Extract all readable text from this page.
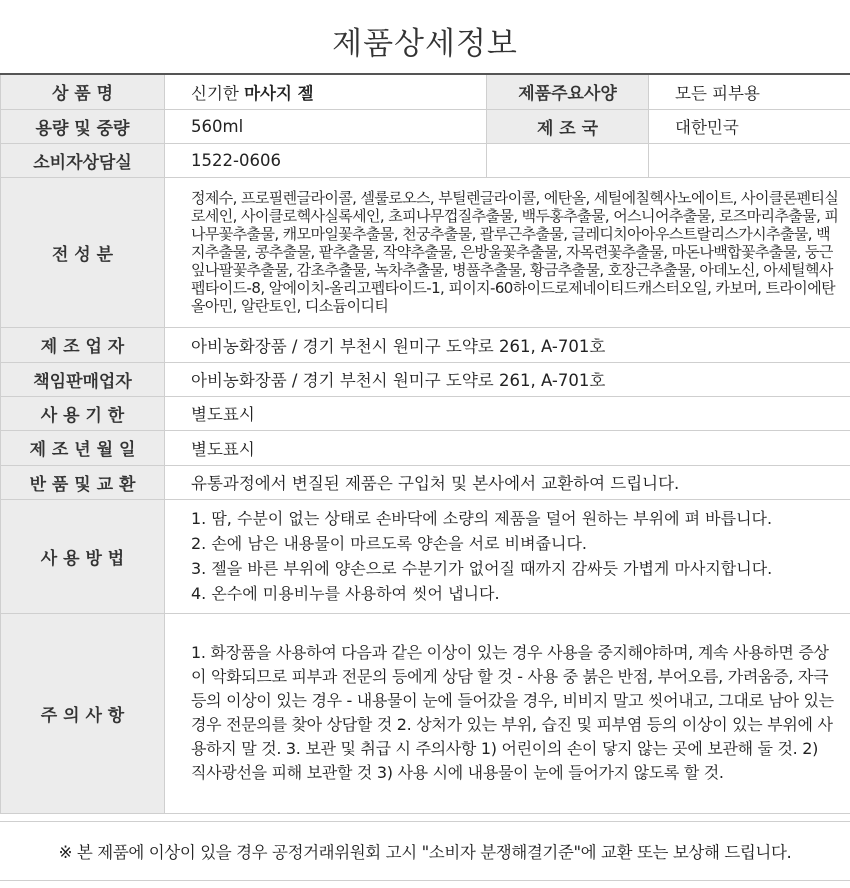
제품상세정보
상 품 명	신기한 마사지 젤	제품주요사양	모든 피부용
용량 및 중량	560ml	제 조 국	대한민국
소비자상담실	1522-0606		
전 성 분	정제수, 프로필렌글라이콜, 셀룰로오스, 부틸렌글라이콜, 에탄올, 세틸에칠헥사노에이트, 사이클론펜티실로세인, 사이클로헥사실록세인, 초피나무껍질추출물, 백두홍추출물, 어스니어추출물, 로즈마리추출물, 피나무꽃추출물, 캐모마일꽃추출물, 천궁추출물, 괄루근추출물, 글레디치아아우스트랄리스가시추출물, 백지추출물, 콩추출물, 팥추출물, 작약추출물, 은방울꽃추출물, 자목련꽃추출물, 마돈나백합꽃추출물, 둥근잎나팔꽃추출물, 감초추출물, 녹차추출물, 병풀추출물, 황금추출물, 호장근추출물, 아데노신, 아세틸헥사펩타이드-8, 알에이치-올리고펩타이드-1, 피이지-60하이드로제네이티드캐스터오일, 카보머, 트라이에탄올아민, 알란토인, 디소듐이디티		
제 조 업 자	아비농화장품 / 경기 부천시 원미구 도약로 261, A-701호		
책임판매업자	아비농화장품 / 경기 부천시 원미구 도약로 261, A-701호		
사 용 기 한	별도표시		
제 조 년 월 일	별도표시		
반 품 및 교 환	유통과정에서 변질된 제품은 구입처 및 본사에서 교환하여 드립니다.		
사 용 방 법	1. 땀, 수분이 없는 상태로 손바닥에 소량의 제품을 덜어 원하는 부위에 펴 바릅니다.
2. 손에 남은 내용물이 마르도록 양손을 서로 비벼줍니다.
3. 젤을 바른 부위에 양손으로 수분기가 없어질 때까지 감싸듯 가볍게 마사지합니다.
4. 온수에 미용비누를 사용하여 씻어 냅니다.		

주 의 사 항	1. 화장품을 사용하여 다음과 같은 이상이 있는 경우 사용을 중지해야하며, 계속 사용하면 증상이 악화되므로 피부과 전문의 등에게 상담 할 것 - 사용 중 붉은 반점, 부어오름, 가려움증, 자극 등의 이상이 있는 경우 - 내용물이 눈에 들어갔을 경우, 비비지 말고 씻어내고, 그대로 남아 있는 경우 전문의를 찾아 상담할 것 2. 상처가 있는 부위, 습진 및 피부염 등의 이상이 있는 부위에 사용하지 말 것. 3. 보관 및 취급 시 주의사항 1) 어린이의 손이 닿지 않는 곳에 보관해 둘 것. 2) 직사광선을 피해 보관할 것 3) 사용 시에 내용물이 눈에 들어가지 않도록 할 것.		
※ 본 제품에 이상이 있을 경우 공정거래위원회 고시 "소비자 분쟁해결기준"에 교환 또는 보상해 드립니다.
